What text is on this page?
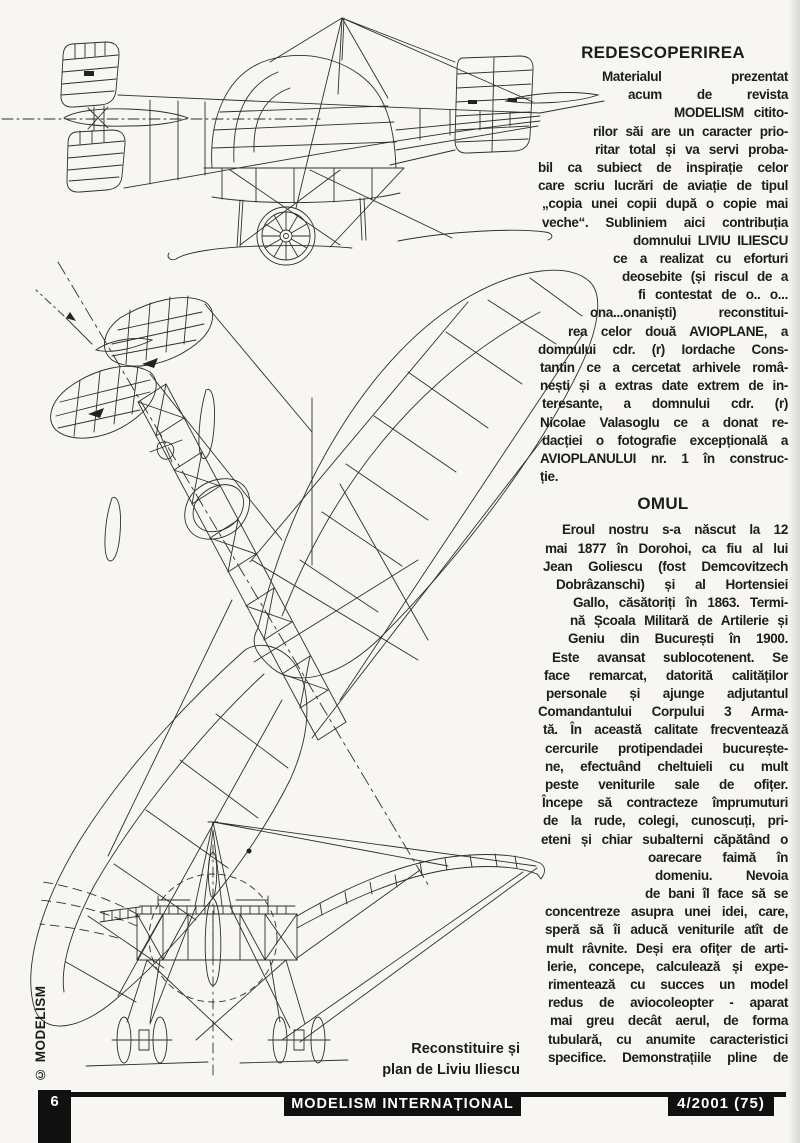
REDESCOPERIREA
Materialul prezentat
acum de revista
MODELISM citito-
rilor săi are un caracter prio-
ritar total și va servi proba-
bil ca subiect de inspirație celor
care scriu lucrări de aviație de tipul
„copia unei copii după o copie mai
veche“. Subliniem aici contribuția
domnului LIVIU ILIESCU
ce a realizat cu eforturi
deosebite (și riscul de a
fi contestat de o.. o...
ona...onaniști) reconstitui-
rea celor două AVIOPLANE, a
domnului cdr. (r) Iordache Cons-
tantin ce a cercetat arhivele româ-
nești și a extras date extrem de in-
teresante, a domnului cdr. (r)
Nicolae Valasoglu ce a donat re-
dacției o fotografie excepțională a
AVIOPLANULUI nr. 1 în construc-
ție.
OMUL
Eroul nostru s-a născut la 12
mai 1877 în Dorohoi, ca fiu al lui
Jean Goliescu (fost Demcovitzech
Dobrâzanschi) și al Hortensiei
Gallo, căsătoriți în 1863. Termi-
nă Școala Militară de Artilerie și
Geniu din București în 1900.
Este avansat sublocotenent. Se
face remarcat, datorită calităților
personale și ajunge adjutantul
Comandantului Corpului 3 Arma-
tă. În această calitate frecventează
cercurile protipendadei bucurește-
ne, efectuând cheltuieli cu mult
peste veniturile sale de ofițer.
Începe să contracteze împrumuturi
de la rude, colegi, cunoscuți, pri-
eteni și chiar subalterni căpătând o
oarecare faimă în
domeniu. Nevoia
de bani îl face să se
concentreze asupra unei idei, care,
speră să îi aducă veniturile atît de
mult râvnite. Deși era ofițer de arti-
lerie, concepe, calculează și expe-
rimentează cu succes un model
redus de aviocoleopter - aparat
mai greu decât aerul, de forma
tubulară, cu anumite caracteristici
specifice. Demonstrațiile pline de
Reconstituire și
plan de Liviu Iliescu
© MODELISM
6	MODELISM INTERNAȚIONAL	4/2001 (75)
